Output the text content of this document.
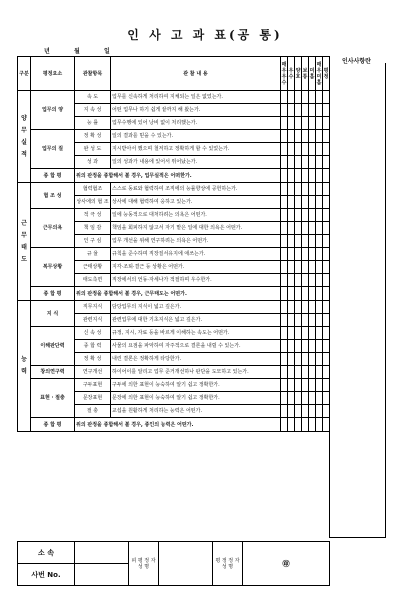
인 사 고 과 표(공 통)
년	월	일
인사사항란
구분	평정요소	관찰항목	관 찰 내 용	매우우수	우수	양호	보통	미흡	매우미흡	평정
양무 실적	업무의 양	속 도	업무를 신속하게 처리하여 지체되는 일은 없었는가.							
		지 속 성	어떤 업무나 하기 쉽게 끝까지 해 왔는가.							
		능 률	업무수행에 있어 낭비 없이 처리했는가.							
	업무의 질	정 확 성	일의 결과를 믿을 수 있는가.							
		완 성 도	지시받아서 했으며 철저하고 정확하게 할 수 있었는가.							
		성 과	일의 성과가 내용에 있어서 뛰어났는가.							
	종 합 평	위의 판정을 종합해서 볼 경우, 업무실적은 어떠한가.								
근 무 태 도	협 조 성	협력협조	스스로 동료와 협력하여 조직에의 능률향상에 공헌하는가.							
		상사에의 협 조	상사에 대해 협력하여 응하고 있는가.							
	근무의욕	적 극 성	일에 능동적으로 대처하려는 의욕은 어떤가.							
		책 임 감	책임을 회피하지 않고서 자기 맡은 일에 대한 의욕은 어떤가.							
		인 구 심	업무 개선을 위해 연구하려는 의욕은 어떤가.							
	복무상황	규 율	규칙을 준수하며 직장질서유지에 애쓰는가.							
		근태상황	지각·조퇴·결근 등 상황은 어떤가.							
		태도측면	직장에서의 언동·자세나가 적절하며 우수한가.							
	종 합 평	위의 판정을 종합해서 볼 경우, 근무태도는 어떤가.								
능 력	지 식	직무지식	담당업무의 지식이 넓고 깊은가.							
		관련지식	관련업무에 대한 기초지식은 넓고 깊은가.							
	이해판단력	신 속 성	규정, 지시, 자료 등을 바르게 이해하는 속도는 어떤가.							
		종 합 력	사물의 요점을 파악하여 자주적으로 결론을 내릴 수 있는가.							
		정 확 성	내린 결론은 정확하게 타당한가.							
	창의연구력	연구개선	하이어이를 알리고 업무 준거개선하나 판단을 도모하고 있는가.							
	표현 · 절충	구두표현	구두에 의한 표현이 능숙하여 알기 쉽고 정확한가.							
		문장표현	문장에 의한 표현이 능숙하여 알기 쉽고 정확한가.							
		절 충	교섭을 원활하게 처리하는 능력은 어떤가.							
	종 합 평	위의 판정을 종합해서 볼 경우, 종인의 능력은 어떤가.								
소 속		피 평 정 자 성 명		평 정 정 자 성 명	㊞
사번 No.					
